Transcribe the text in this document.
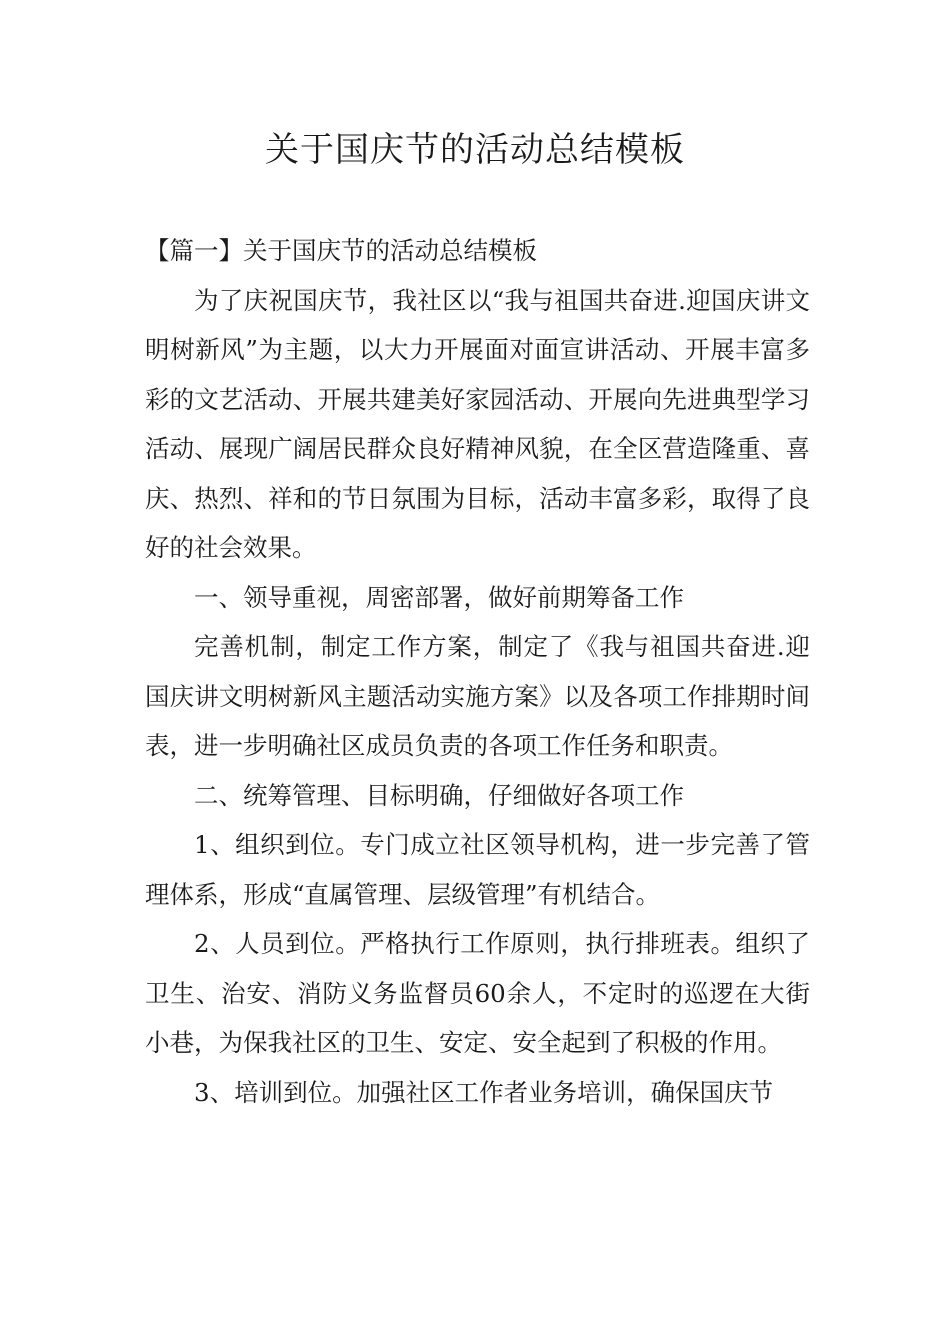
关于国庆节的活动总结模板

【篇一】关于国庆节的活动总结模板

为了庆祝国庆节，我社区以“我与祖国共奋进.迎国庆讲文明树新风”为主题，以大力开展面对面宣讲活动、开展丰富多彩的文艺活动、开展共建美好家园活动、开展向先进典型学习活动、展现广阔居民群众良好精神风貌，在全区营造隆重、喜庆、热烈、祥和的节日氛围为目标，活动丰富多彩，取得了良好的社会效果。

一、领导重视，周密部署，做好前期筹备工作

完善机制，制定工作方案，制定了《我与祖国共奋进.迎国庆讲文明树新风主题活动实施方案》以及各项工作排期时间表，进一步明确社区成员负责的各项工作任务和职责。

二、统筹管理、目标明确，仔细做好各项工作

1、组织到位。专门成立社区领导机构，进一步完善了管理体系，形成“直属管理、层级管理”有机结合。

2、人员到位。严格执行工作原则，执行排班表。组织了卫生、治安、消防义务监督员60余人，不定时的巡逻在大街小巷，为保我社区的卫生、安定、安全起到了积极的作用。

3、培训到位。加强社区工作者业务培训，确保国庆节
